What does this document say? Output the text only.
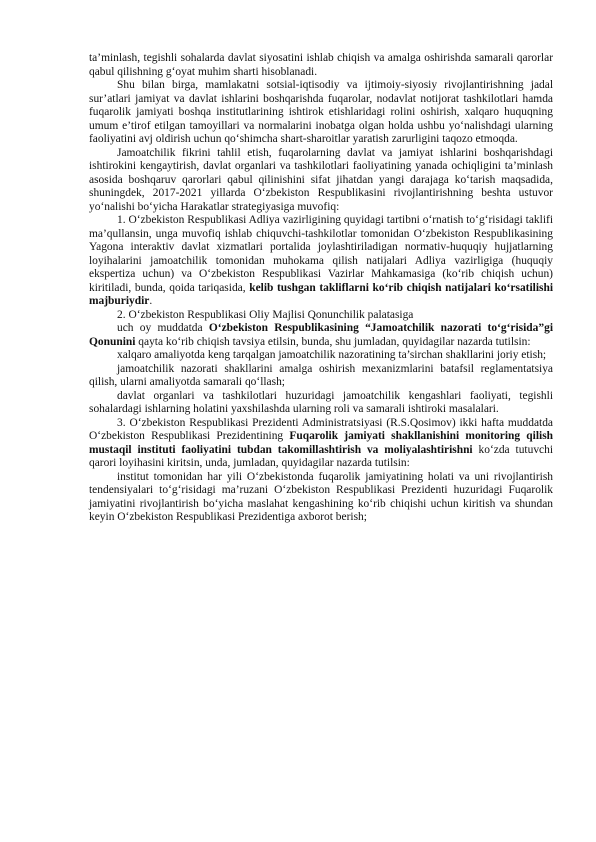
ta’minlash, tegishli sohalarda davlat siyosatini ishlab chiqish va amalga oshirishda samarali qarorlar qabul qilishning g‘oyat muhim sharti hisoblanadi.

Shu bilan birga, mamlakatni sotsial-iqtisodiy va ijtimoiy-siyosiy rivojlantirishning jadal sur’atlari jamiyat va davlat ishlarini boshqarishda fuqarolar, nodavlat notijorat tashkilotlari hamda fuqarolik jamiyati boshqa institutlarining ishtirok etishlaridagi rolini oshirish, xalqaro huquqning umum e’tirof etilgan tamoyillari va normalarini inobatga olgan holda ushbu yo‘nalishdagi ularning faoliyatini avj oldirish uchun qo‘shimcha shart-sharoitlar yaratish zarurligini taqozo etmoqda.

Jamoatchilik fikrini tahlil etish, fuqarolarning davlat va jamiyat ishlarini boshqarishdagi ishtirokini kengaytirish, davlat organlari va tashkilotlari faoliyatining yanada ochiqligini ta’minlash asosida boshqaruv qarorlari qabul qilinishini sifat jihatdan yangi darajaga ko‘tarish maqsadida, shuningdek, 2017-2021 yillarda O‘zbekiston Respublikasini rivojlantirishning beshta ustuvor yo‘nalishi bo‘yicha Harakatlar strategiyasiga muvofiq:

1. O‘zbekiston Respublikasi Adliya vazirligining quyidagi tartibni o‘rnatish to‘g‘risidagi taklifi ma’qullansin, unga muvofiq ishlab chiquvchi-tashkilotlar tomonidan O‘zbekiston Respublikasining Yagona interaktiv davlat xizmatlari portalida joylashtiriladigan normativ-huquqiy hujjatlarning loyihalarini jamoatchilik tomonidan muhokama qilish natijalari Adliya vazirligiga (huquqiy ekspertiza uchun) va O‘zbekiston Respublikasi Vazirlar Mahkamasiga (ko‘rib chiqish uchun) kiritiladi, bunda, qoida tariqasida, kelib tushgan takliflarni ko‘rib chiqish natijalari ko‘rsatilishi majburiydir.

2. O‘zbekiston Respublikasi Oliy Majlisi Qonunchilik palatasiga

uch oy muddatda O‘zbekiston Respublikasining “Jamoatchilik nazorati to‘g‘risida”gi Qonunini qayta ko‘rib chiqish tavsiya etilsin, bunda, shu jumladan, quyidagilar nazarda tutilsin:

xalqaro amaliyotda keng tarqalgan jamoatchilik nazoratining ta’sirchan shakllarini joriy etish;

jamoatchilik nazorati shakllarini amalga oshirish mexanizmlarini batafsil reglamentatsiya qilish, ularni amaliyotda samarali qo‘llash;

davlat organlari va tashkilotlari huzuridagi jamoatchilik kengashlari faoliyati, tegishli sohalardagi ishlarning holatini yaxshilashda ularning roli va samarali ishtiroki masalalari.

3. O‘zbekiston Respublikasi Prezidenti Administratsiyasi (R.S.Qosimov) ikki hafta muddatda O‘zbekiston Respublikasi Prezidentining Fuqarolik jamiyati shakllanishini monitoring qilish mustaqil instituti faoliyatini tubdan takomillashtirish va moliyalashtirishni ko‘zda tutuvchi qarori loyihasini kiritsin, unda, jumladan, quyidagilar nazarda tutilsin:

institut tomonidan har yili O‘zbekistonda fuqarolik jamiyatining holati va uni rivojlantirish tendensiyalari to‘g‘risidagi ma’ruzani O‘zbekiston Respublikasi Prezidenti huzuridagi Fuqarolik jamiyatini rivojlantirish bo‘yicha maslahat kengashining ko‘rib chiqishi uchun kiritish va shundan keyin O‘zbekiston Respublikasi Prezidentiga axborot berish;
